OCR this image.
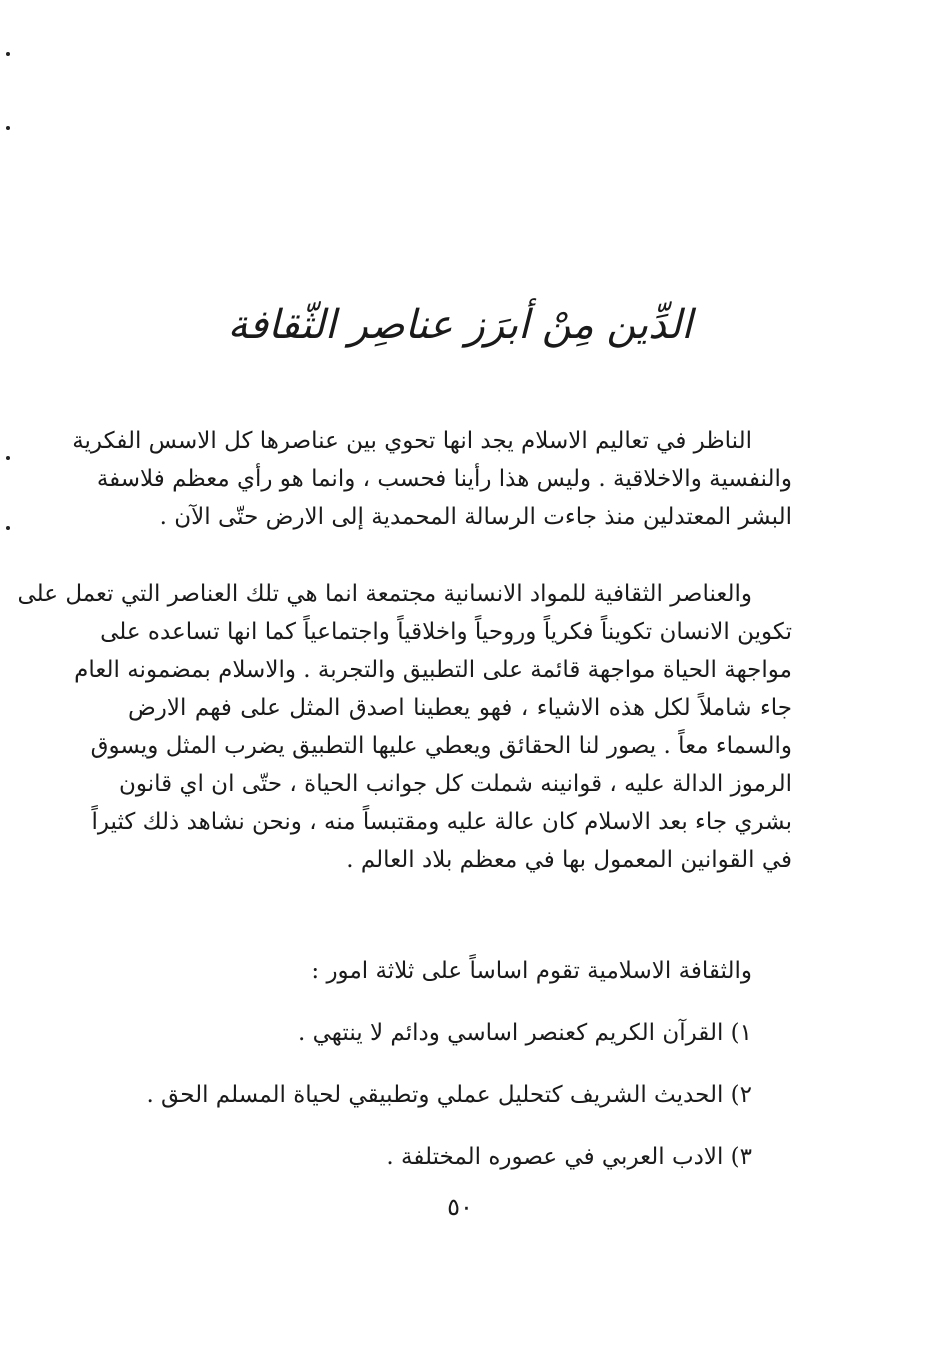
الدِّين مِنْ أبرَز عناصِر الثّقافة
الناظر في تعاليم الاسلام يجد انها تحوي بين عناصرها كل الاسس الفكرية
والنفسية والاخلاقية . وليس هذا رأينا فحسب ، وانما هو رأي معظم فلاسفة
البشر المعتدلين منذ جاءت الرسالة المحمدية إلى الارض حتّى الآن .
والعناصر الثقافية للمواد الانسانية مجتمعة انما هي تلك العناصر التي تعمل على
تكوين الانسان تكويناً فكرياً وروحياً واخلاقياً واجتماعياً كما انها تساعده على
مواجهة الحياة مواجهة قائمة على التطبيق والتجربة . والاسلام بمضمونه العام
جاء شاملاً لكل هذه الاشياء ، فهو يعطينا اصدق المثل على فهم الارض
والسماء معاً . يصور لنا الحقائق ويعطي عليها التطبيق يضرب المثل ويسوق
الرموز الدالة عليه ، قوانينه شملت كل جوانب الحياة ، حتّى ان اي قانون
بشري جاء بعد الاسلام كان عالة عليه ومقتبساً منه ، ونحن نشاهد ذلك كثيراً
في القوانين المعمول بها في معظم بلاد العالم .
والثقافة الاسلامية تقوم اساساً على ثلاثة امور :
١) القرآن الكريم كعنصر اساسي ودائم لا ينتهي .
٢) الحديث الشريف كتحليل عملي وتطبيقي لحياة المسلم الحق .
٣) الادب العربي في عصوره المختلفة .
٥٠
